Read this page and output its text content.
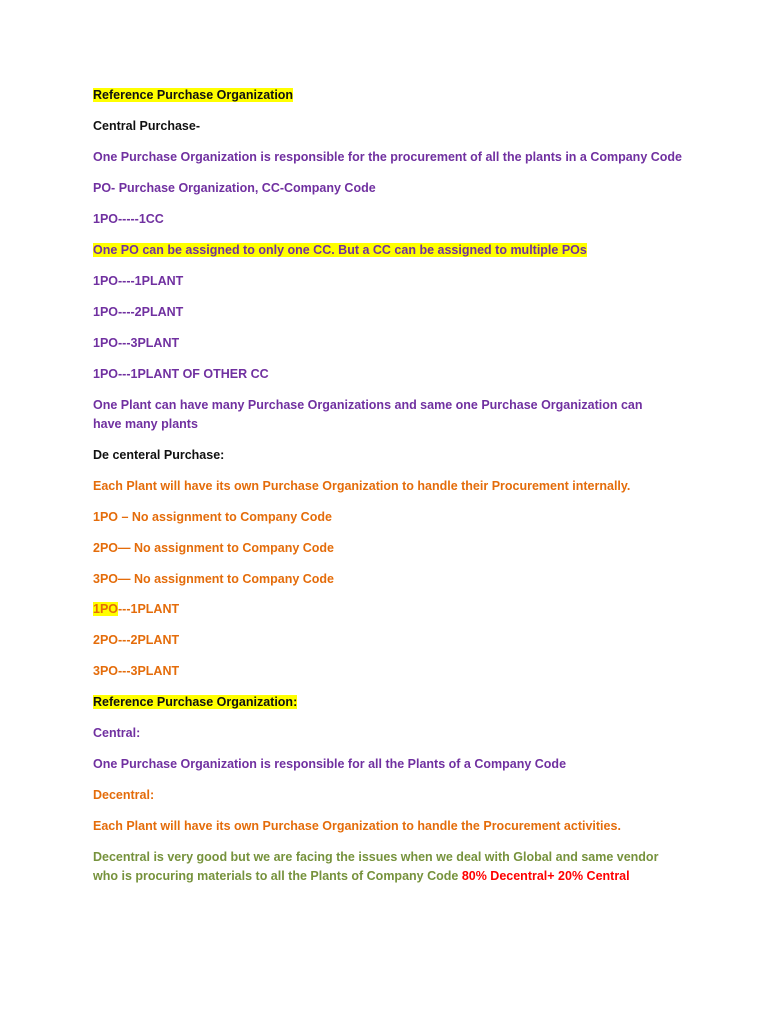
Reference Purchase Organization
Central Purchase-
One Purchase Organization is responsible for the procurement of all the plants in a Company Code
PO- Purchase Organization, CC-Company Code
1PO-----1CC
One PO can be assigned to only one CC. But a CC can be assigned to multiple POs
1PO----1PLANT
1PO----2PLANT
1PO---3PLANT
1PO---1PLANT OF OTHER CC
One Plant can have many Purchase Organizations and same one Purchase Organization can have many plants
De centeral Purchase:
Each Plant will have its own Purchase Organization to handle their Procurement internally.
1PO – No assignment to Company Code
2PO— No assignment to Company Code
3PO— No assignment to Company Code
1PO---1PLANT
2PO---2PLANT
3PO---3PLANT
Reference Purchase Organization:
Central:
One Purchase Organization is responsible for all the Plants of a Company Code
Decentral:
Each Plant will have its own Purchase Organization to handle the Procurement activities.
Decentral is very good but we are facing the issues when we deal with Global and same vendor who is procuring materials to all the Plants of Company Code 80% Decentral+ 20% Central
